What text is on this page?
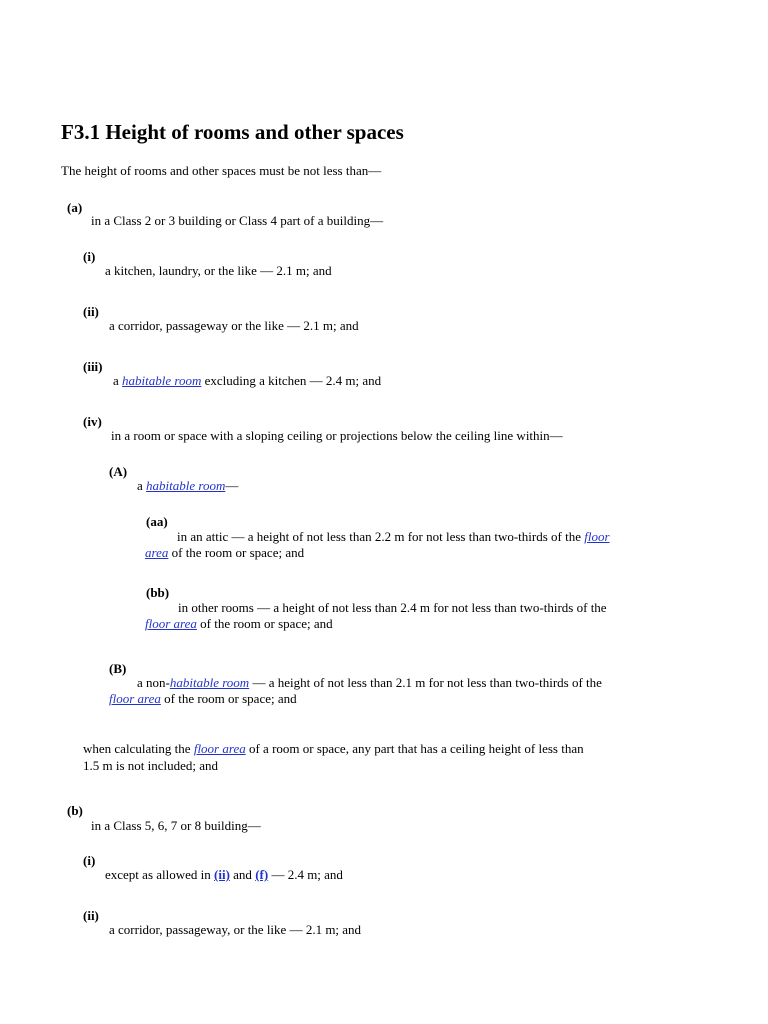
F3.1 Height of rooms and other spaces
The height of rooms and other spaces must be not less than—
(a)
in a Class 2 or 3 building or Class 4 part of a building—
(i)
a kitchen, laundry, or the like — 2.1 m; and
(ii)
a corridor, passageway or the like — 2.1 m; and
(iii)
a habitable room excluding a kitchen — 2.4 m; and
(iv)
in a room or space with a sloping ceiling or projections below the ceiling line within—
(A)
a habitable room—
(aa)
in an attic — a height of not less than 2.2 m for not less than two-thirds of the floor
area of the room or space; and
(bb)
in other rooms — a height of not less than 2.4 m for not less than two-thirds of the
floor area of the room or space; and
(B)
a non-habitable room — a height of not less than 2.1 m for not less than two-thirds of the
floor area of the room or space; and
when calculating the floor area of a room or space, any part that has a ceiling height of less than
1.5 m is not included; and
(b)
in a Class 5, 6, 7 or 8 building—
(i)
except as allowed in (ii) and (f) — 2.4 m; and
(ii)
a corridor, passageway, or the like — 2.1 m; and
